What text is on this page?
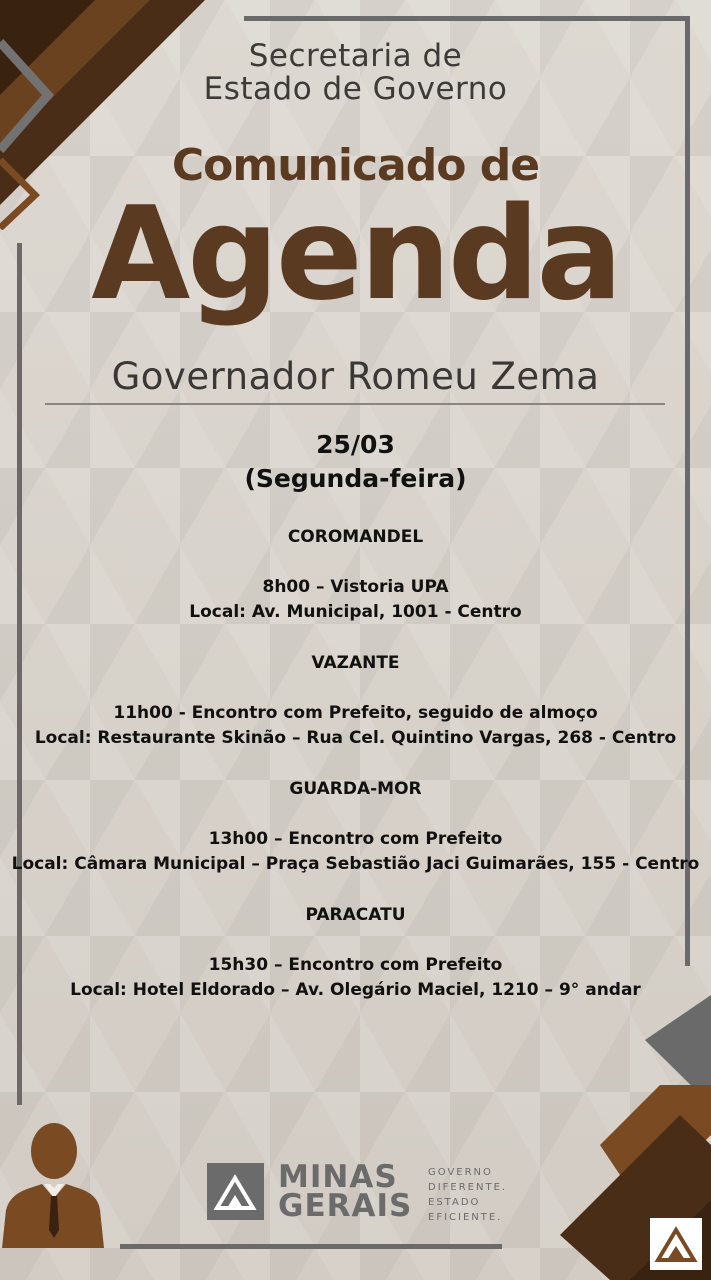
Secretaria de
Estado de Governo
Comunicado de
Agenda
Governador Romeu Zema
25/03
(Segunda-feira)
COROMANDEL
8h00 – Vistoria UPA
Local: Av. Municipal, 1001 - Centro
VAZANTE
11h00 - Encontro com Prefeito, seguido de almoço
Local: Restaurante Skinão – Rua Cel. Quintino Vargas, 268 - Centro
GUARDA-MOR
13h00 – Encontro com Prefeito
Local: Câmara Municipal – Praça Sebastião Jaci Guimarães, 155 - Centro
PARACATU
15h30 – Encontro com Prefeito
Local: Hotel Eldorado – Av. Olegário Maciel, 1210 – 9° andar
MINAS
GERAIS
GOVERNO
DIFERENTE.
ESTADO
EFICIENTE.
